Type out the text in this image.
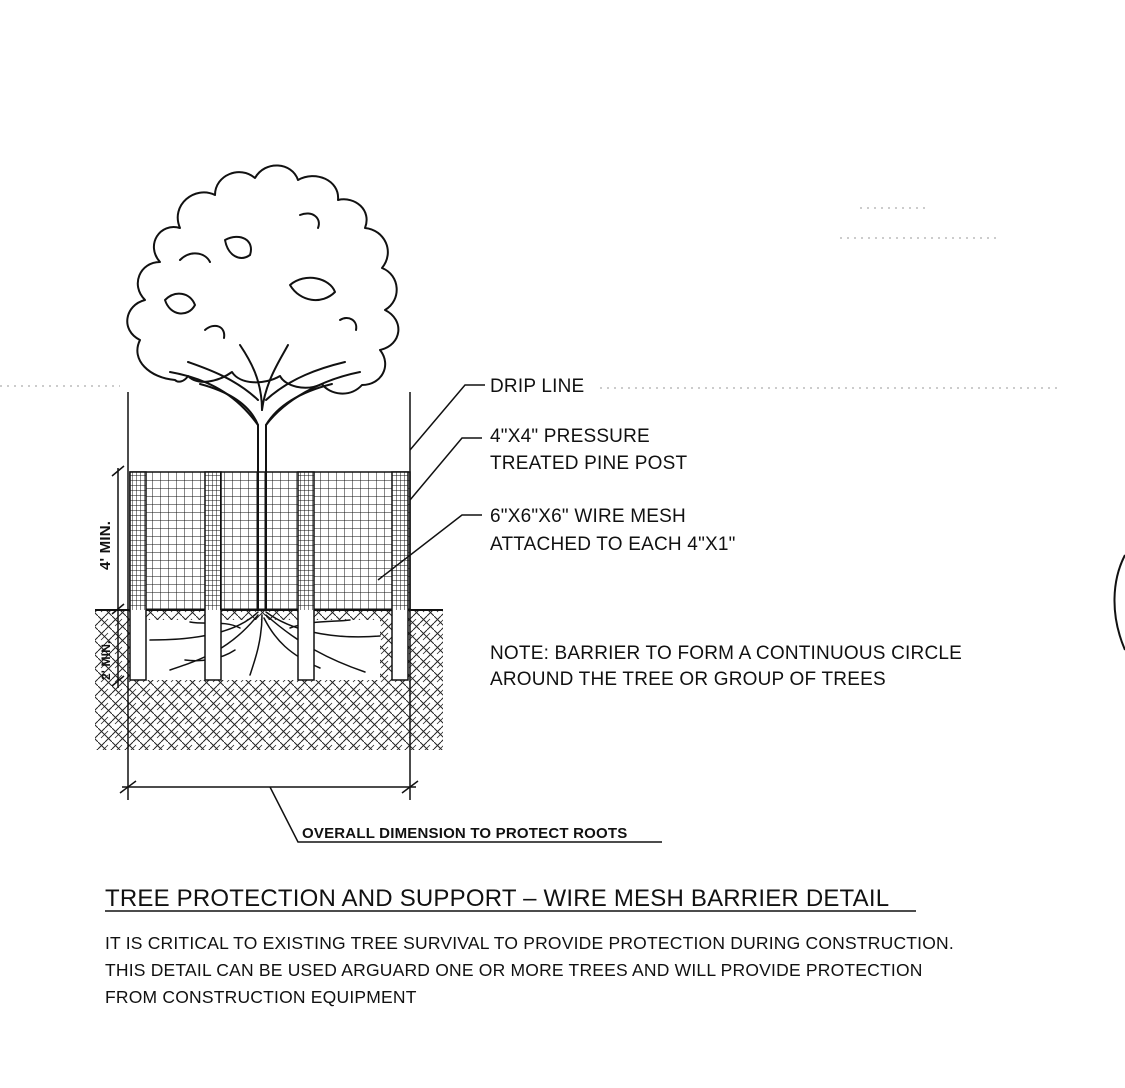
4' MIN.
2' MIN.
DRIP LINE
4"X4" PRESSURE
TREATED PINE POST
6"X6"X6" WIRE MESH
ATTACHED TO EACH 4"X1"
NOTE: BARRIER TO FORM A CONTINUOUS CIRCLE
AROUND THE TREE OR GROUP OF TREES
OVERALL DIMENSION TO PROTECT ROOTS
TREE PROTECTION AND SUPPORT – WIRE MESH BARRIER DETAIL
IT IS CRITICAL TO EXISTING TREE SURVIVAL TO PROVIDE PROTECTION DURING CONSTRUCTION.
THIS DETAIL CAN BE USED ARGUARD ONE OR MORE TREES AND WILL PROVIDE PROTECTION
FROM CONSTRUCTION EQUIPMENT
